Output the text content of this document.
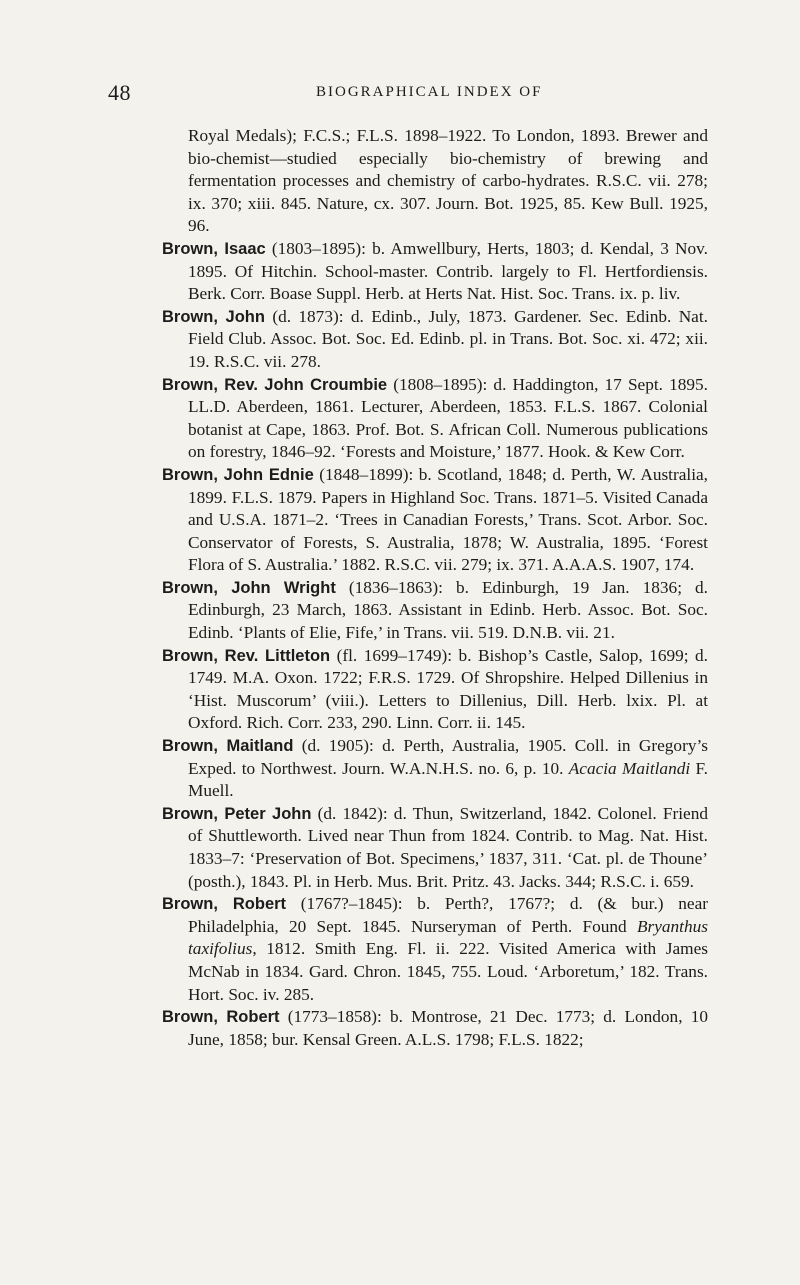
48	BIOGRAPHICAL INDEX OF

Royal Medals); F.C.S.; F.L.S. 1898–1922. To London, 1893. Brewer and bio-chemist—studied especially bio-chemistry of brewing and fermentation processes and chemistry of carbo-hydrates. R.S.C. vii. 278; ix. 370; xiii. 845. Nature, cx. 307. Journ. Bot. 1925, 85. Kew Bull. 1925, 96.

Brown, Isaac (1803–1895): b. Amwellbury, Herts, 1803; d. Kendal, 3 Nov. 1895. Of Hitchin. School-master. Contrib. largely to Fl. Hertfordiensis. Berk. Corr. Boase Suppl. Herb. at Herts Nat. Hist. Soc. Trans. ix. p. liv.

Brown, John (d. 1873): d. Edinb., July, 1873. Gardener. Sec. Edinb. Nat. Field Club. Assoc. Bot. Soc. Ed. Edinb. pl. in Trans. Bot. Soc. xi. 472; xii. 19. R.S.C. vii. 278.

Brown, Rev. John Croumbie (1808–1895): d. Haddington, 17 Sept. 1895. LL.D. Aberdeen, 1861. Lecturer, Aberdeen, 1853. F.L.S. 1867. Colonial botanist at Cape, 1863. Prof. Bot. S. African Coll. Numerous publications on forestry, 1846–92. ‘Forests and Moisture,’ 1877. Hook. & Kew Corr.

Brown, John Ednie (1848–1899): b. Scotland, 1848; d. Perth, W. Australia, 1899. F.L.S. 1879. Papers in Highland Soc. Trans. 1871–5. Visited Canada and U.S.A. 1871–2. ‘Trees in Canadian Forests,’ Trans. Scot. Arbor. Soc. Conservator of Forests, S. Australia, 1878; W. Australia, 1895. ‘Forest Flora of S. Australia.’ 1882. R.S.C. vii. 279; ix. 371. A.A.A.S. 1907, 174.

Brown, John Wright (1836–1863): b. Edinburgh, 19 Jan. 1836; d. Edinburgh, 23 March, 1863. Assistant in Edinb. Herb. Assoc. Bot. Soc. Edinb. ‘Plants of Elie, Fife,’ in Trans. vii. 519. D.N.B. vii. 21.

Brown, Rev. Littleton (fl. 1699–1749): b. Bishop’s Castle, Salop, 1699; d. 1749. M.A. Oxon. 1722; F.R.S. 1729. Of Shropshire. Helped Dillenius in ‘Hist. Muscorum’ (viii.). Letters to Dillenius, Dill. Herb. lxix. Pl. at Oxford. Rich. Corr. 233, 290. Linn. Corr. ii. 145.

Brown, Maitland (d. 1905): d. Perth, Australia, 1905. Coll. in Gregory’s Exped. to Northwest. Journ. W.A.N.H.S. no. 6, p. 10. Acacia Maitlandi F. Muell.

Brown, Peter John (d. 1842): d. Thun, Switzerland, 1842. Colonel. Friend of Shuttleworth. Lived near Thun from 1824. Contrib. to Mag. Nat. Hist. 1833–7: ‘Preservation of Bot. Specimens,’ 1837, 311. ‘Cat. pl. de Thoune’ (posth.), 1843. Pl. in Herb. Mus. Brit. Pritz. 43. Jacks. 344; R.S.C. i. 659.

Brown, Robert (1767?–1845): b. Perth?, 1767?; d. (& bur.) near Philadelphia, 20 Sept. 1845. Nurseryman of Perth. Found Bryanthus taxifolius, 1812. Smith Eng. Fl. ii. 222. Visited America with James McNab in 1834. Gard. Chron. 1845, 755. Loud. ‘Arboretum,’ 182. Trans. Hort. Soc. iv. 285.

Brown, Robert (1773–1858): b. Montrose, 21 Dec. 1773; d. London, 10 June, 1858; bur. Kensal Green. A.L.S. 1798; F.L.S. 1822;
